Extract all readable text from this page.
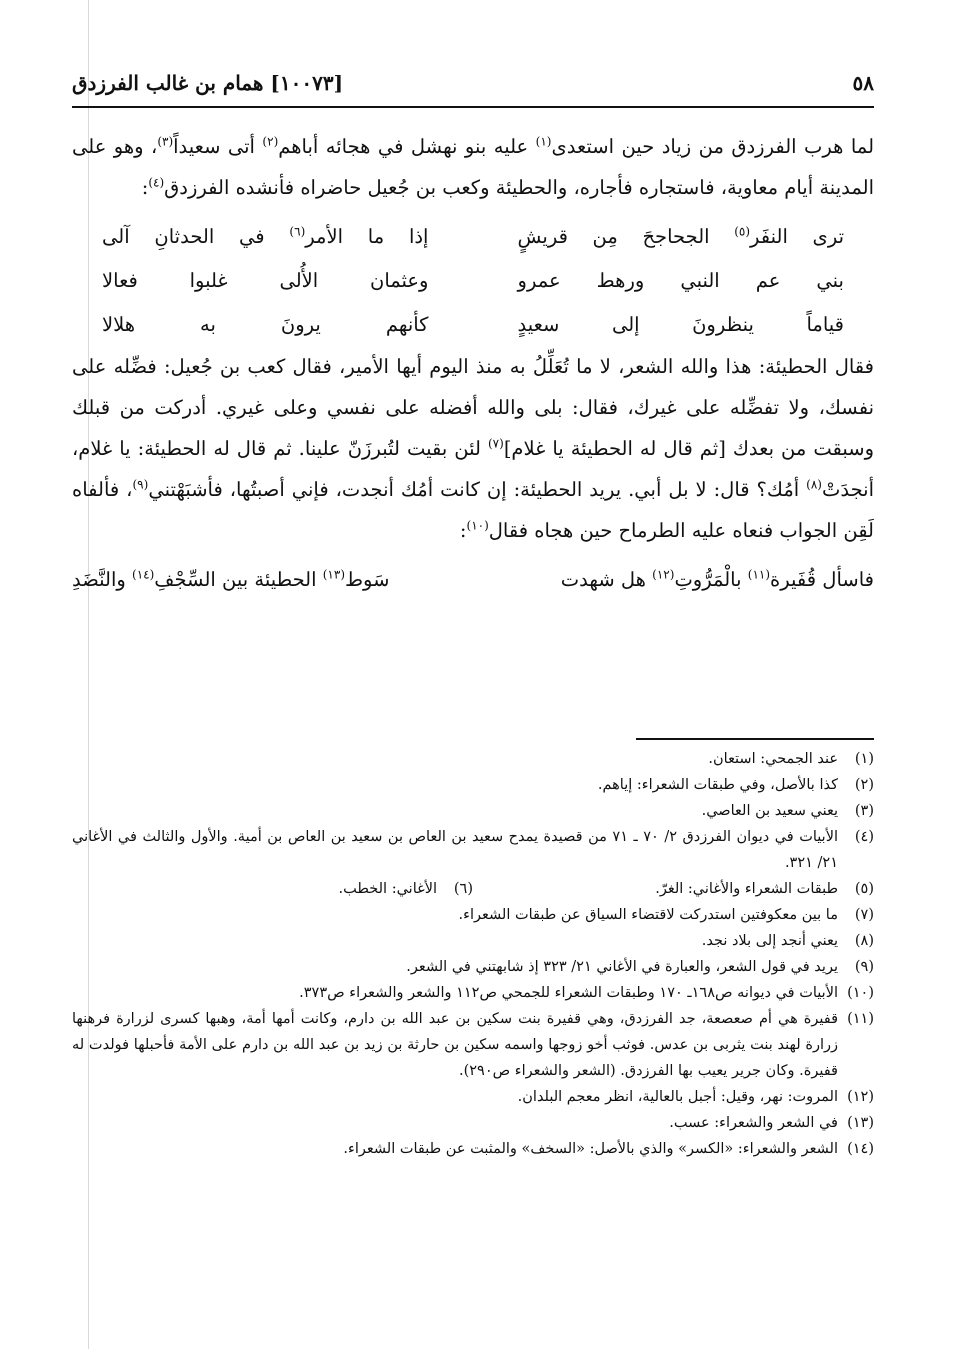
٥٨
[١٠٠٧٣] همام بن غالب الفرزدق

لما هرب الفرزدق من زياد حين استعدى$^{(١)}$ عليه بنو نهشل في هجائه أباهم$^{(٢)}$ أتى سعيداً$^{(٣)}$، وهو على المدينة أيام معاوية، فاستجاره فأجاره، والحطيئة وكعب بن جُعيل حاضراه فأنشده الفرزدق$^{(٤)}$:

ترى النفَر$^{(٥)}$ الجحاجحَ مِن قريشٍ
إذا ما الأمر$^{(٦)}$ في الحدثانِ آلى
بني عم النبي ورهط عمرو
وعثمان الأُلى غلبوا فعالا
قياماً ينظرونَ إلى سعيدٍ
كأنهم يرونَ به هلالا

فقال الحطيئة: هذا والله الشعر، لا ما تُعَلِّلُ به منذ اليوم أيها الأمير، فقال كعب بن جُعيل: فضِّله على نفسك، ولا تفضِّله على غيرك، فقال: بلى والله أفضله على نفسي وعلى غيري. أدركت من قبلك وسبقت من بعدك [ثم قال له الحطيئة يا غلام]$^{(٧)}$ لئن بقيت لتُبرزَنّ علينا. ثم قال له الحطيئة: يا غلام، أنجدَتْ$^{(٨)}$ أمُك؟ قال: لا بل أبي. يريد الحطيئة: إن كانت أمُك أنجدت، فإني أصبتُها، فأشبَهْتني$^{(٩)}$، فألفاه لَقِن الجواب فنعاه عليه الطرماح حين هجاه فقال$^{(١٠)}$:

فاسأل قُفَيرة$^{(١١)}$ بالْمَرُّوتِ$^{(١٢)}$ هل شهدت
سَوط$^{(١٣)}$ الحطيئة بين السِّجْفِ$^{(١٤)}$ والنَّضَدِ
(١)
عند الجمحي: استعان.
(٢)
كذا بالأصل، وفي طبقات الشعراء: إياهم.
(٣)
يعني سعيد بن العاصي.
(٤)
الأبيات في ديوان الفرزدق ٢/ ٧٠ ـ ٧١ من قصيدة يمدح سعيد بن العاص بن سعيد بن العاص بن أمية. والأول والثالث في الأغاني ٢١/ ٣٢١.
(٥)
طبقات الشعراء والأغاني: الغرّ.
(٦)
الأغاني: الخطب.
(٧)
ما بين معكوفتين استدركت لاقتضاء السياق عن طبقات الشعراء.
(٨)
يعني أنجد إلى بلاد نجد.
(٩)
يريد في قول الشعر، والعبارة في الأغاني ٢١/ ٣٢٣ إذ شابهتني في الشعر.
(١٠)
الأبيات في ديوانه ص١٦٨ـ ١٧٠ وطبقات الشعراء للجمحي ص١١٢ والشعر والشعراء ص٣٧٣.
(١١)
قفيرة هي أم صعصعة، جد الفرزدق، وهي قفيرة بنت سكين بن عبد الله بن دارم، وكانت أمها أمة، وهبها كسرى لزرارة فرهنها زرارة لهند بنت يثربى بن عدس. فوثب أخو زوجها واسمه سكين بن حارثة بن زيد بن عبد الله بن دارم على الأمة فأحبلها فولدت له قفيرة. وكان جرير يعيب بها الفرزدق. (الشعر والشعراء ص٢٩٠).
(١٢)
المروت: نهر، وقيل: أجبل بالعالية، انظر معجم البلدان.
(١٣)
في الشعر والشعراء: عسب.
(١٤)
الشعر والشعراء: «الكسر» والذي بالأصل: «السخف» والمثبت عن طبقات الشعراء.
